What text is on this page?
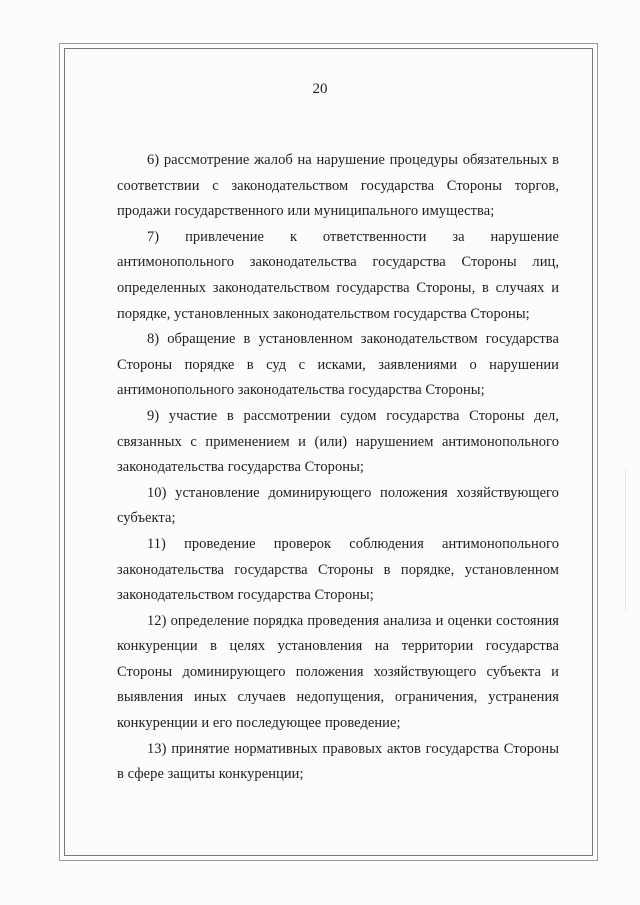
20

6) рассмотрение жалоб на нарушение процедуры обязательных в соответствии с законодательством государства Стороны торгов, продажи государственного или муниципального имущества;

7) привлечение к ответственности за нарушение антимонопольного законодательства государства Стороны лиц, определенных законодательством государства Стороны, в случаях и порядке, установленных законодательством государства Стороны;

8) обращение в установленном законодательством государства Стороны порядке в суд с исками, заявлениями о нарушении антимонопольного законодательства государства Стороны;

9) участие в рассмотрении судом государства Стороны дел, связанных с применением и (или) нарушением антимонопольного законодательства государства Стороны;

10) установление доминирующего положения хозяйствующего субъекта;

11) проведение проверок соблюдения антимонопольного законодательства государства Стороны в порядке, установленном законодательством государства Стороны;

12) определение порядка проведения анализа и оценки состояния конкуренции в целях установления на территории государства Стороны доминирующего положения хозяйствующего субъекта и выявления иных случаев недопущения, ограничения, устранения конкуренции и его последующее проведение;

13) принятие нормативных правовых актов государства Стороны в сфере защиты конкуренции;
